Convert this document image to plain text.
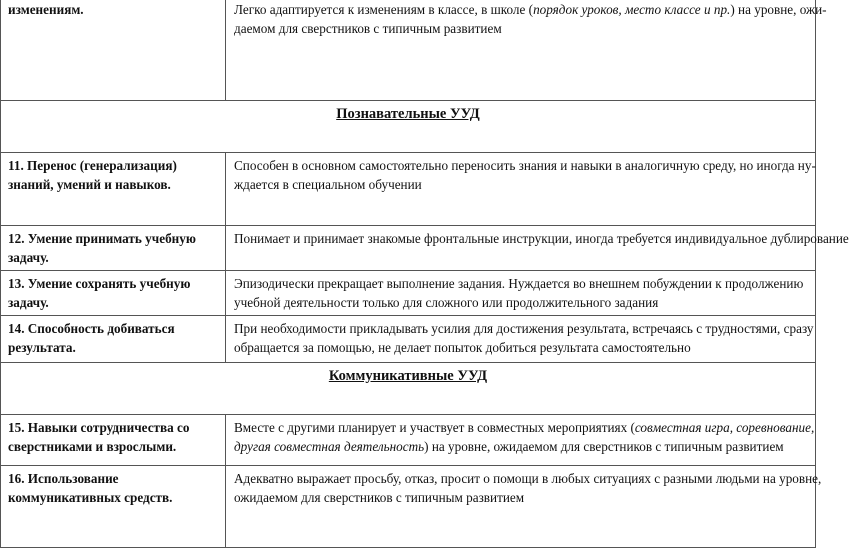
изменениям.	Легко адаптируется к изменениям в классе, в школе (порядок уроков, место классе и пр.) на уровне, ожи-
даемом для сверстников с типичным развитием

Познавательные УУД	

11. Перенос (генерализация)
знаний, умений и навыков.	Способен в основном самостоятельно переносить знания и навыки в аналогичную среду, но иногда ну-
ждается в специальном обучении

12. Умение принимать учебную
задачу.	Понимает и принимает знакомые фронтальные инструкции, иногда требуется индивидуальное дублирование

13. Умение сохранять учебную
задачу.	Эпизодически прекращает выполнение задания. Нуждается во внешнем побуждении к продолжению
учебной деятельности только для сложного или продолжительного задания

14. Способность добиваться
результата.	При необходимости прикладывать усилия для достижения результата, встречаясь с трудностями, сразу
обращается за помощью, не делает попыток добиться результата самостоятельно

Коммуникативные УУД	

15. Навыки сотрудничества со
сверстниками и взрослыми.	Вместе с другими планирует и участвует в совместных мероприятиях (совместная игра, соревнование,
другая совместная деятельность) на уровне, ожидаемом для сверстников с типичным развитием

16. Использование
коммуникативных средств.	Адекватно выражает просьбу, отказ, просит о помощи в любых ситуациях с разными людьми на уровне,
ожидаемом для сверстников с типичным развитием
